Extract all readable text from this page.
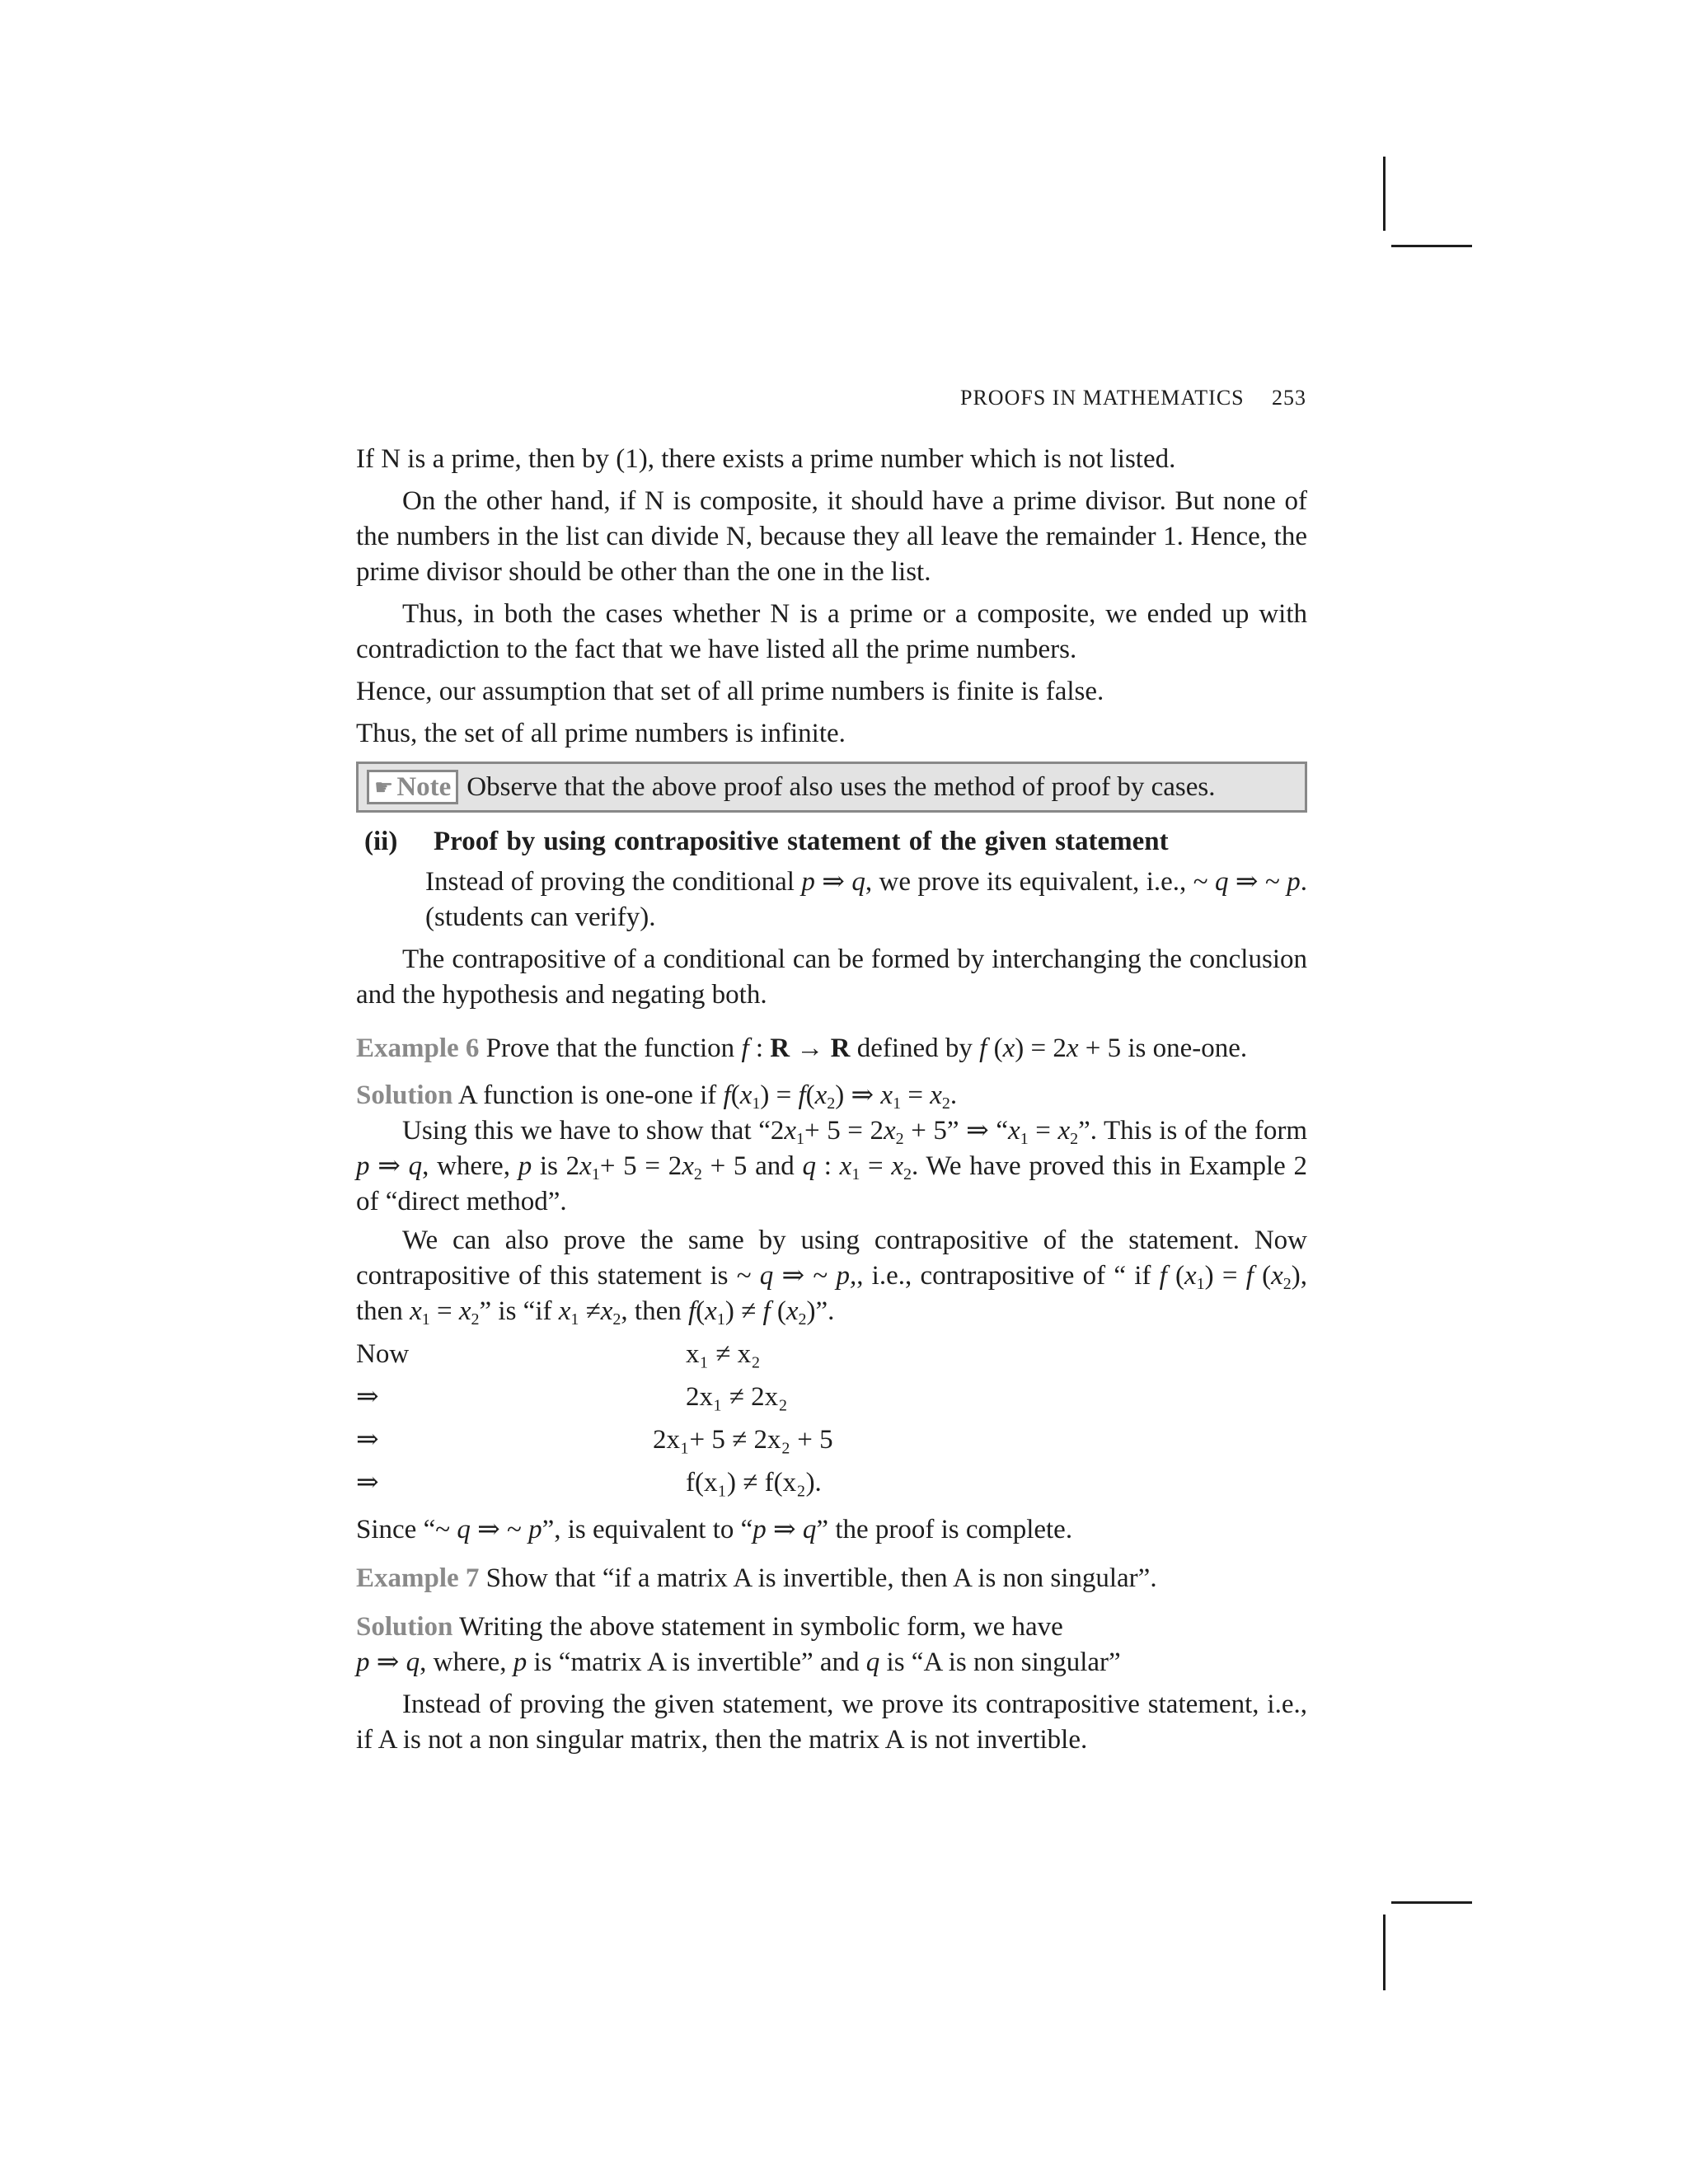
PROOFS IN MATHEMATICS 253

If N is a prime, then by (1), there exists a prime number which is not listed.

On the other hand, if N is composite, it should have a prime divisor. But none of the numbers in the list can divide N, because they all leave the remainder 1. Hence, the prime divisor should be other than the one in the list.

Thus, in both the cases whether N is a prime or a composite, we ended up with contradiction to the fact that we have listed all the prime numbers.

Hence, our assumption that set of all prime numbers is finite is false.

Thus, the set of all prime numbers is infinite.

☛ Note Observe that the above proof also uses the method of proof by cases.
(ii)	Proof by using contrapositive statement of the given statement

Instead of proving the conditional p ⇒ q, we prove its equivalent, i.e., ~ q ⇒ ~ p. (students can verify).

The contrapositive of a conditional can be formed by interchanging the conclusion and the hypothesis and negating both.

Example 6 Prove that the function f : R → R defined by f (x) = 2x + 5 is one-one.

Solution A function is one-one if $f(x_1) = f(x_2)$ ⇒ $x_1 = x_2$.

Using this we have to show that “$2x_1+ 5 = 2x_2 + 5$” ⇒ “$x_1 = x_2$”. This is of the form p ⇒ q, where, p is $2x_1+ 5 = 2x_2 + 5$ and q : $x_1 = x_2$. We have proved this in Example 2 of “direct method”.

We can also prove the same by using contrapositive of the statement. Now contrapositive of this statement is ~ q ⇒ ~ p,, i.e., contrapositive of “ if f $(x_1) = f$ $(x_2)$, then $x_1 = x_2$” is “if $x_1 \ne x_2$, then $f(x_1) \ne f$ $(x_2)$”.

Now	x₁ ≠ x₂
⇒	2x₁ ≠ 2x₂
⇒	2x₁+ 5 ≠ 2x₂ + 5
⇒	f(x₁) ≠ f(x₂).

Since “~ q ⇒ ~ p”, is equivalent to “p ⇒ q” the proof is complete.

Example 7 Show that “if a matrix A is invertible, then A is non singular”.

Solution Writing the above statement in symbolic form, we have

p ⇒ q, where, p is “matrix A is invertible” and q is “A is non singular”

Instead of proving the given statement, we prove its contrapositive statement, i.e., if A is not a non singular matrix, then the matrix A is not invertible.
